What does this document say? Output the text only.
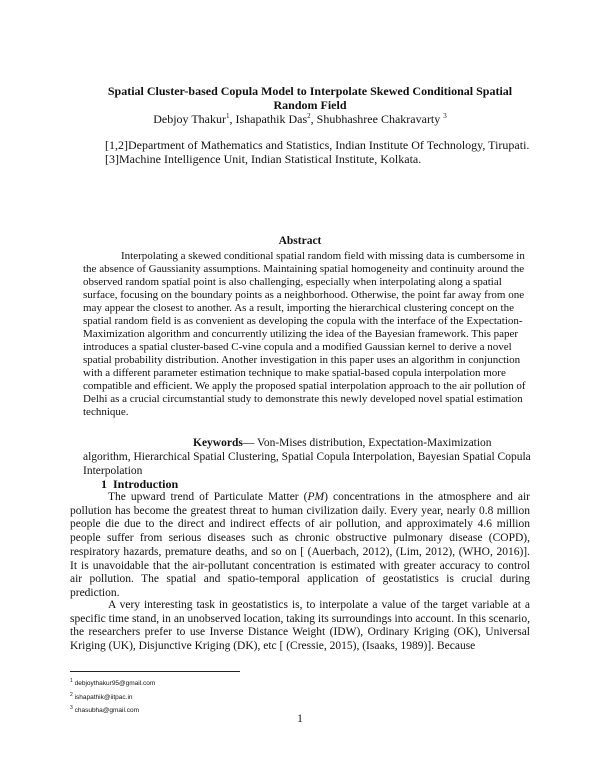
Spatial Cluster-based Copula Model to Interpolate Skewed Conditional Spatial
Random Field
Debjoy Thakur$^1$, Ishapathik Das$^2$, Shubhashree Chakravarty $^3$
[1,2]Department of Mathematics and Statistics, Indian Institute Of Technology, Tirupati.
[3]Machine Intelligence Unit, Indian Statistical Institute, Kolkata.
Abstract
Interpolating a skewed conditional spatial random field with missing data is cumbersome in the absence of Gaussianity assumptions. Maintaining spatial homogeneity and continuity around the observed random spatial point is also challenging, especially when interpolating along a spatial surface, focusing on the boundary points as a neighborhood. Otherwise, the point far away from one may appear the closest to another. As a result, importing the hierarchical clustering concept on the spatial random field is as convenient as developing the copula with the interface of the Expectation-Maximization algorithm and concurrently utilizing the idea of the Bayesian framework. This paper introduces a spatial cluster-based C-vine copula and a modified Gaussian kernel to derive a novel spatial probability distribution. Another investigation in this paper uses an algorithm in conjunction with a different parameter estimation technique to make spatial-based copula interpolation more compatible and efficient. We apply the proposed spatial interpolation approach to the air pollution of Delhi as a crucial circumstantial study to demonstrate this newly developed novel spatial estimation technique.
Keywords— Von-Mises distribution, Expectation-Maximization algorithm, Hierarchical Spatial Clustering, Spatial Copula Interpolation, Bayesian Spatial Copula Interpolation
1 Introduction
The upward trend of Particulate Matter (PM) concentrations in the atmosphere and air pollution has become the greatest threat to human civilization daily. Every year, nearly 0.8 million people die due to the direct and indirect effects of air pollution, and approximately 4.6 million people suffer from serious diseases such as chronic obstructive pulmonary disease (COPD), respiratory hazards, premature deaths, and so on [ (Auerbach, 2012), (Lim, 2012), (WHO, 2016)]. It is unavoidable that the air-pollutant concentration is estimated with greater accuracy to control air pollution. The spatial and spatio-temporal application of geostatistics is crucial during prediction.
A very interesting task in geostatistics is, to interpolate a value of the target variable at a specific time stand, in an unobserved location, taking its surroundings into account. In this scenario, the researchers prefer to use Inverse Distance Weight (IDW), Ordinary Kriging (OK), Universal Kriging (UK), Disjunctive Kriging (DK), etc [ (Cressie, 2015), (Isaaks, 1989)]. Because
$^1$ debjoythakur95@gmail.com
$^2$ ishapathik@iitpac.in
$^3$ chasubha@gmail.com
1
